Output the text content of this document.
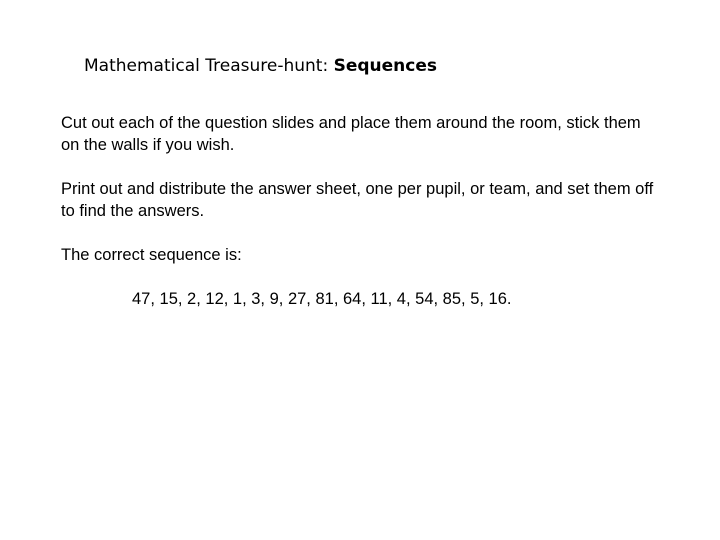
Mathematical Treasure-hunt: Sequences

Cut out each of the question slides and place them around the room, stick them on the walls if you wish.

Print out and distribute the answer sheet, one per pupil, or team, and set them off to find the answers.

The correct sequence is:

47, 15, 2, 12, 1, 3, 9, 27, 81, 64, 11, 4, 54, 85, 5, 16.
